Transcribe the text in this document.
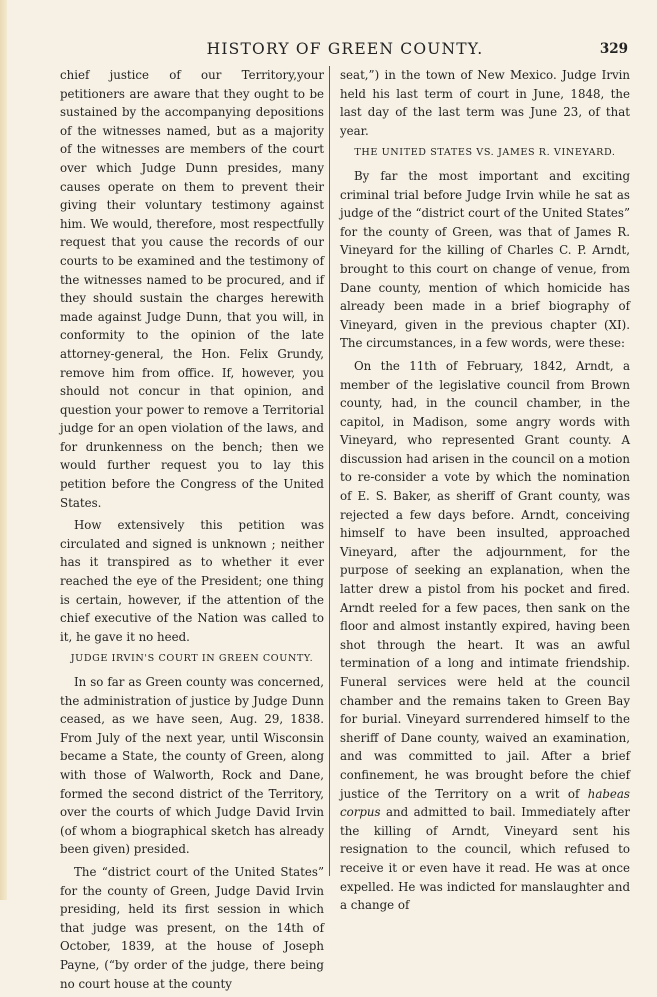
HISTORY OF GREEN COUNTY.	329

chief justice of our Territory,your petitioners are aware that they ought to be sustained by the accompanying depositions of the witnesses named, but as a majority of the witnesses are members of the court over which Judge Dunn presides, many causes operate on them to prevent their giving their voluntary testimony against him. We would, therefore, most respectfully request that you cause the records of our courts to be examined and the testimony of the witnesses named to be procured, and if they should sustain the charges herewith made against Judge Dunn, that you will, in conformity to the opinion of the late attorney-general, the Hon. Felix Grundy, remove him from office. If, however, you should not concur in that opinion, and question your power to remove a Territorial judge for an open violation of the laws, and for drunkenness on the bench; then we would further request you to lay this petition before the Congress of the United States.

How extensively this petition was circulated and signed is unknown ; neither has it transpired as to whether it ever reached the eye of the President; one thing is certain, however, if the attention of the chief executive of the Nation was called to it, he gave it no heed.

JUDGE IRVIN'S COURT IN GREEN COUNTY.

In so far as Green county was concerned, the administration of justice by Judge Dunn ceased, as we have seen, Aug. 29, 1838. From July of the next year, until Wisconsin became a State, the county of Green, along with those of Walworth, Rock and Dane, formed the second district of the Territory, over the courts of which Judge David Irvin (of whom a biographical sketch has already been given) presided.

The “district court of the United States” for the county of Green, Judge David Irvin presiding, held its first session in which that judge was present, on the 14th of October, 1839, at the house of Joseph Payne, (“by order of the judge, there being no court house at the county

seat,”) in the town of New Mexico. Judge Irvin held his last term of court in June, 1848, the last day of the last term was June 23, of that year.

THE UNITED STATES VS. JAMES R. VINEYARD.

By far the most important and exciting criminal trial before Judge Irvin while he sat as judge of the “district court of the United States” for the county of Green, was that of James R. Vineyard for the killing of Charles C. P. Arndt, brought to this court on change of venue, from Dane county, mention of which homicide has already been made in a brief biography of Vineyard, given in the previous chapter (XI). The circumstances, in a few words, were these:

On the 11th of February, 1842, Arndt, a member of the legislative council from Brown county, had, in the council chamber, in the capitol, in Madison, some angry words with Vineyard, who represented Grant county. A discussion had arisen in the council on a motion to re-consider a vote by which the nomination of E. S. Baker, as sheriff of Grant county, was rejected a few days before. Arndt, conceiving himself to have been insulted, approached Vineyard, after the adjournment, for the purpose of seeking an explanation, when the latter drew a pistol from his pocket and fired. Arndt reeled for a few paces, then sank on the floor and almost instantly expired, having been shot through the heart. It was an awful termination of a long and intimate friendship. Funeral services were held at the council chamber and the remains taken to Green Bay for burial. Vineyard surrendered himself to the sheriff of Dane county, waived an examination, and was committed to jail. After a brief confinement, he was brought before the chief justice of the Territory on a writ of habeas corpus and admitted to bail. Immediately after the killing of Arndt, Vineyard sent his resignation to the council, which refused to receive it or even have it read. He was at once expelled. He was indicted for manslaughter and a change of
